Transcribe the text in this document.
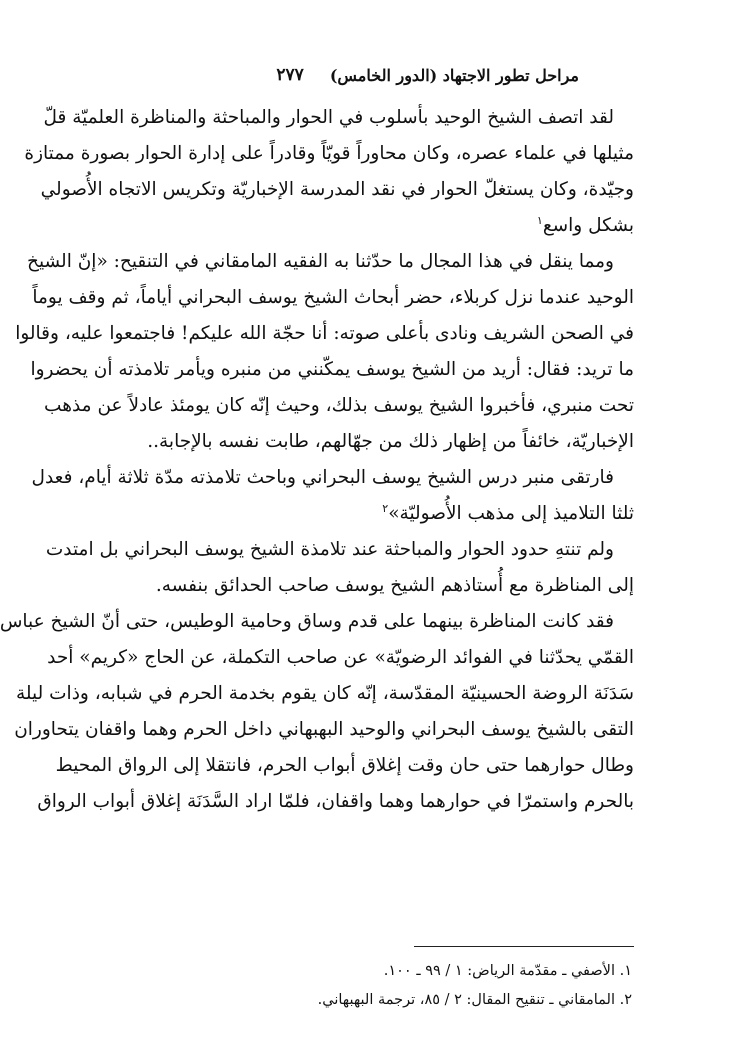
مراحل تطور الاجتهاد (الدور الخامس)
٢٧٧
لقد اتصف الشيخ الوحيد بأسلوب في الحوار والمباحثة والمناظرة العلميّة قلّ
مثيلها في علماء عصره، وكان محاوراً قويّاً وقادراً على إدارة الحوار بصورة ممتازة
وجيّدة، وكان يستغلّ الحوار في نقد المدرسة الإخباريّة وتكريس الاتجاه الأُصولي
بشكل واسع$^١$
ومما ينقل في هذا المجال ما حدّثنا به الفقيه المامقاني في التنقيح: «إنّ الشيخ
الوحيد عندما نزل كربلاء، حضر أبحاث الشيخ يوسف البحراني أياماً، ثم وقف يوماً
في الصحن الشريف ونادى بأعلى صوته: أنا حجّة الله عليكم! فاجتمعوا عليه، وقالوا
ما تريد: فقال: أريد من الشيخ يوسف يمكّنني من منبره ويأمر تلامذته أن يحضروا
تحت منبري، فأخبروا الشيخ يوسف بذلك، وحيث إنّه كان يومئذ عادلاً عن مذهب
الإخباريّة، خائفاً من إظهار ذلك من جهّالهم، طابت نفسه بالإجابة..
فارتقى منبر درس الشيخ يوسف البحراني وباحث تلامذته مدّة ثلاثة أيام، فعدل
ثلثا التلاميذ إلى مذهب الأُصوليّة»$^٢$
ولم تنتهِ حدود الحوار والمباحثة عند تلامذة الشيخ يوسف البحراني بل امتدت
إلى المناظرة مع أُستاذهم الشيخ يوسف صاحب الحدائق بنفسه.
فقد كانت المناظرة بينهما على قدم وساق وحامية الوطيس، حتى أنّ الشيخ عباس
القمّي يحدّثنا في الفوائد الرضويّة» عن صاحب التكملة، عن الحاج «كريم» أحد
سَدَنَة الروضة الحسينيّة المقدّسة، إنّه كان يقوم بخدمة الحرم في شبابه، وذات ليلة
التقى بالشيخ يوسف البحراني والوحيد البهبهاني داخل الحرم وهما واقفان يتحاوران
وطال حوارهما حتى حان وقت إغلاق أبواب الحرم، فانتقلا إلى الرواق المحيط
بالحرم واستمرّا في حوارهما وهما واقفان، فلمّا اراد السَّدَنَة إغلاق أبواب الرواق
١. الأصفي ـ مقدّمة الرياض: ١ / ٩٩ ـ ١٠٠.
٢. المامقاني ـ تنقيح المقال: ٢ / ٨٥، ترجمة البهبهاني.
